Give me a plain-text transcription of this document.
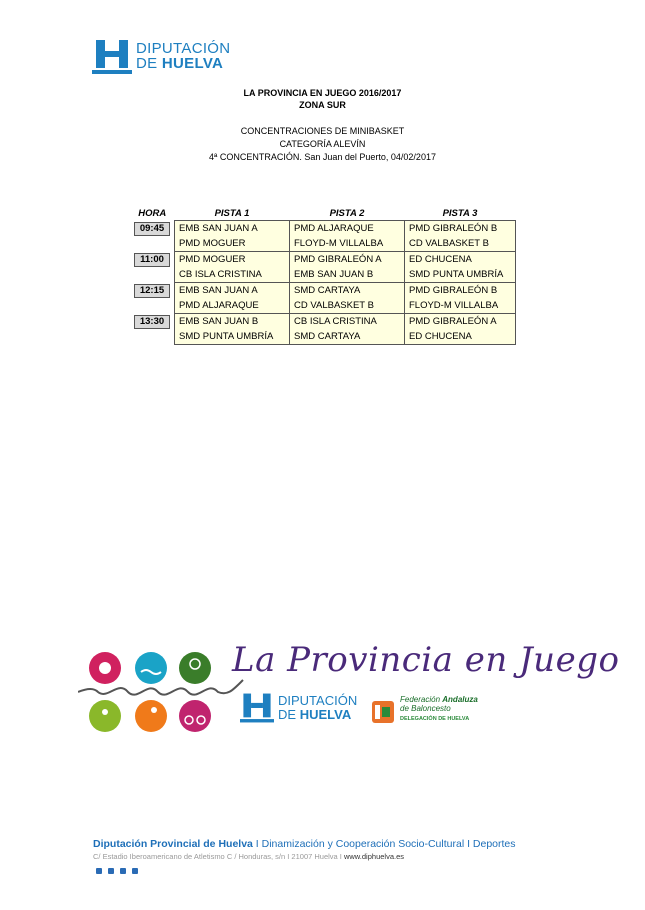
DIPUTACIÓN
DE HUELVA
LA PROVINCIA EN JUEGO 2016/2017
ZONA SUR
CONCENTRACIONES DE MINIBASKET
CATEGORÍA ALEVÍN
4ª CONCENTRACIÓN. San Juan del Puerto, 04/02/2017
HORA	PISTA 1	PISTA 2	PISTA 3

09:45	EMB SAN JUAN A	PMD ALJARAQUE	PMD GIBRALEÓN B
	PMD MOGUER	FLOYD-M VILLALBA	CD VALBASKET B

11:00	PMD MOGUER	PMD GIBRALEÓN A	ED CHUCENA
	CB ISLA CRISTINA	EMB SAN JUAN B	SMD PUNTA UMBRÍA

12:15	EMB SAN JUAN A	SMD CARTAYA	PMD GIBRALEÓN B
	PMD ALJARAQUE	CD VALBASKET B	FLOYD-M VILLALBA

13:30	EMB SAN JUAN B	CB ISLA CRISTINA	PMD GIBRALEÓN A
	SMD PUNTA UMBRÍA	SMD CARTAYA	ED CHUCENA
La Provincia en Juego
DIPUTACIÓN
DE HUELVA
Federación Andaluza
de Baloncesto
DELEGACIÓN DE HUELVA
Diputación Provincial de Huelva I Dinamización y Cooperación Socio-Cultural I Deportes
C/ Estadio Iberoamericano de Atletismo C / Honduras, s/n I 21007 Huelva I www.diphuelva.es
